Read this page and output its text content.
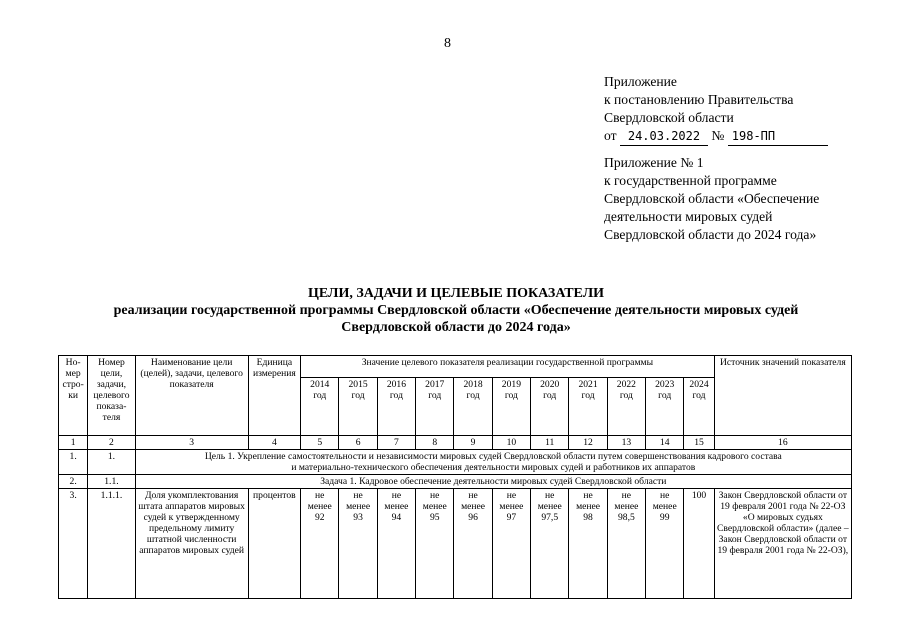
8
Приложение
к постановлению Правительства
Свердловской области
от 24.03.2022 № 198-ПП
Приложение № 1
к государственной программе
Свердловской области «Обеспечение
деятельности мировых судей
Свердловской области до 2024 года»
ЦЕЛИ, ЗАДАЧИ И ЦЕЛЕВЫЕ ПОКАЗАТЕЛИ
реализации государственной программы Свердловской области «Обеспечение деятельности мировых судей
Свердловской области до 2024 года»
Но- мер стро- ки	Номер цели, задачи, целевого показа- теля	Наименование цели (целей), задачи, целевого показателя	Единица измерения	Значение целевого показателя реализации государственной программы											Источник значений показателя
				2014 год	2015 год	2016 год	2017 год	2018 год	2019 год	2020 год	2021 год	2022 год	2023 год	2024 год	
1	2	3	4	5	6	7	8	9	10	11	12	13	14	15	16
1.	1.	Цель 1. Укрепление самостоятельности и независимости мировых судей Свердловской области путем совершенствования кадрового состава
и материально-технического обеспечения деятельности мировых судей и работников их аппаратов													

2.	1.1.	Задача 1. Кадровое обеспечение деятельности мировых судей Свердловской области													
3.	1.1.1.	Доля укомплектования штата аппаратов мировых судей к утвержденному предельному лимиту штатной численности аппаратов мировых судей	процентов	не менее 92	не менее 93	не менее 94	не менее 95	не менее 96	не менее 97	не менее 97,5	не менее 98	не менее 98,5	не менее 99	100	Закон Свердловской области от 19 февраля 2001 года № 22-ОЗ «О мировых судьях Свердловской области» (далее – Закон Свердловской области от 19 февраля 2001 года № 22-ОЗ),
